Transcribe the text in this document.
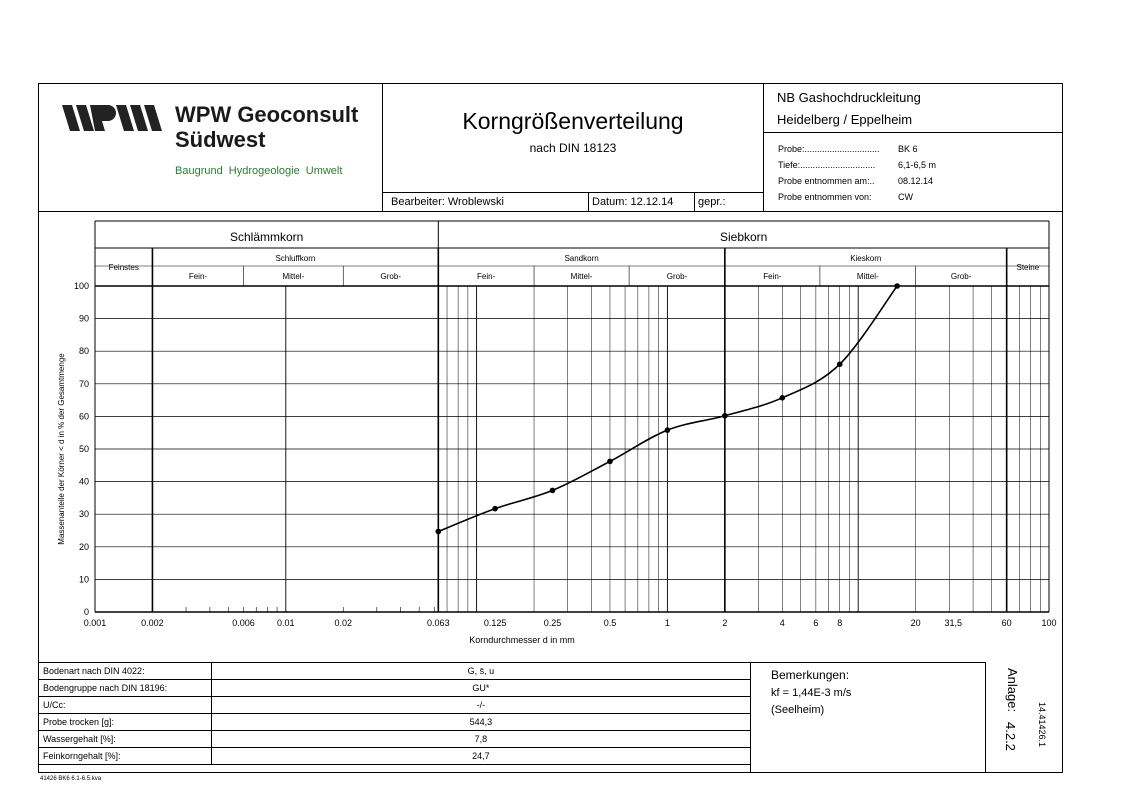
WPW Geoconsult
Südwest
Baugrund Hydrogeologie Umwelt
Korngrößenverteilung
nach DIN 18123
Bearbeiter: Wroblewski	Datum: 12.12.14 gepr.:
NB Gashochdruckleitung
Heidelberg / Eppelheim
Probe:.............................. BK 6
Tiefe:..............................	6,1-6,5 m
Probe entnommen am:..	08.12.14
Probe entnommen von:	CW
Schlämmkorn	Siebkorn
Feinstes
Schluffkorn	Sandkorn	Kieskorn
Steine
Fein-	Mittel-	Grob-	Fein-	Mittel-	Grob-	Fein-	Mittel-	Grob-
0
10
20
30
40
50
60
70
80
90
100
0.001	0.002	0.006 0.01	0.02	0.063	0.125	0.25	0.5	1	2	4	6 8	20	31,5	60	100
Korndurchmesser d in mm
Massenanteile der Körner < d in % der Gesamtmenge
Bodenart nach DIN 4022:	G, s̄, u
Bodengruppe nach DIN 18196:	GU*
U/Cc:	-/-
Probe trocken [g]:	544,3
Wassergehalt [%]:	7,8
Feinkorngehalt [%]:	24,7
Bemerkungen:
kf = 1,44E-3 m/s
(Seelheim)	Anlage:
4.2.2 14.41426.1
41426 BK6 6.1-6.5.kva
